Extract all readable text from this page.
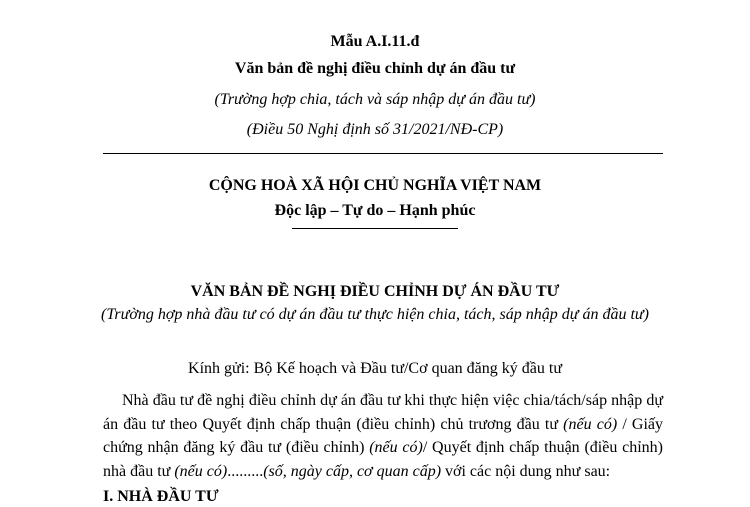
Mẫu A.I.11.đ
Văn bản đề nghị điều chỉnh dự án đầu tư
(Trường hợp chia, tách và sáp nhập dự án đầu tư)
(Điều 50 Nghị định số 31/2021/NĐ-CP)
CỘNG HOÀ XÃ HỘI CHỦ NGHĨA VIỆT NAM
Độc lập – Tự do – Hạnh phúc
VĂN BẢN ĐỀ NGHỊ ĐIỀU CHỈNH DỰ ÁN ĐẦU TƯ
(Trường hợp nhà đầu tư có dự án đầu tư thực hiện chia, tách, sáp nhập dự án đầu tư)
Kính gửi: Bộ Kế hoạch và Đầu tư/Cơ quan đăng ký đầu tư
Nhà đầu tư đề nghị điều chỉnh dự án đầu tư khi thực hiện việc chia/tách/sáp nhập dự án đầu tư theo Quyết định chấp thuận (điều chỉnh) chủ trương đầu tư (nếu có) / Giấy chứng nhận đăng ký đầu tư (điều chỉnh) (nếu có)/ Quyết định chấp thuận (điều chỉnh) nhà đầu tư (nếu có).........(số, ngày cấp, cơ quan cấp) với các nội dung như sau:
I. NHÀ ĐẦU TƯ
